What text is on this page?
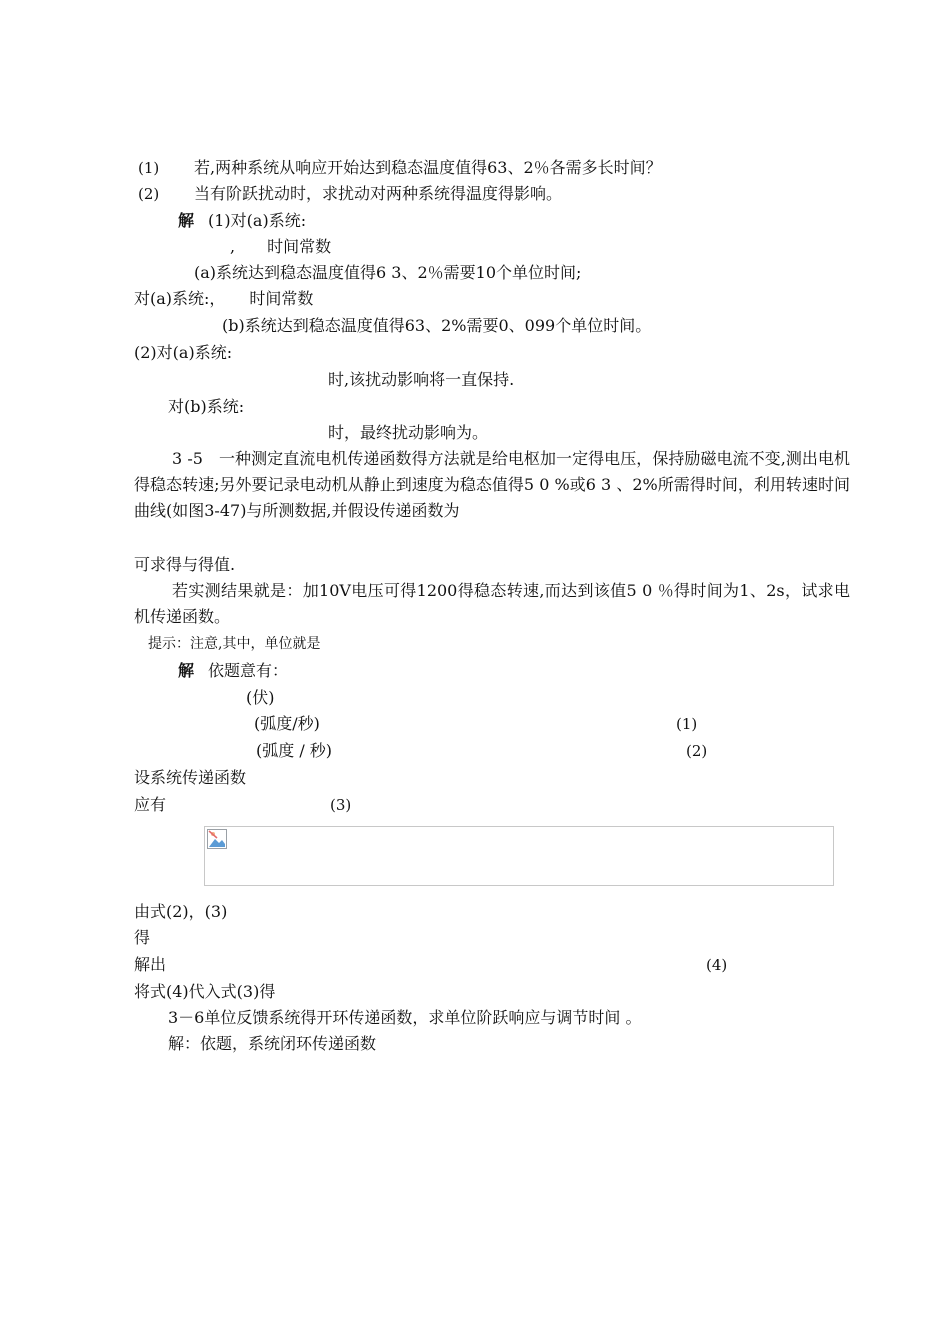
(1) 若,两种系统从响应开始达到稳态温度值得63、2％各需多长时间？
(2) 当有阶跃扰动时，求扰动对两种系统得温度得影响。
解 (1)对(a)系统:
,　　时间常数
(a)系统达到稳态温度值得6 3、2％需要10个单位时间;
对(a)系统:，　　时间常数
(b)系统达到稳态温度值得63、2%需要0、099个单位时间。
(2)对(a)系统:
时,该扰动影响将一直保持.
对(b)系统:
时，最终扰动影响为。
3 -5　一种测定直流电机传递函数得方法就是给电枢加一定得电压，保持励磁电流不变,测出电机得稳态转速;另外要记录电动机从静止到速度为稳态值得5 0 %或6 3 、2%所需得时间，利用转速时间曲线(如图3-47)与所测数据,并假设传递函数为
可求得与得值.
若实测结果就是：加10V电压可得1200得稳态转速,而达到该值5 0 ％得时间为1、2s，试求电机传递函数。
提示：注意,其中，单位就是
解 依题意有：
(伏)
(弧度/秒)	(1)
(弧度 / 秒)	(2)
设系统传递函数
应有	(3)
由式(2)，(3)
得
解出	(4)
将式(4)代入式(3)得
3－6单位反馈系统得开环传递函数，求单位阶跃响应与调节时间 。
解：依题，系统闭环传递函数
